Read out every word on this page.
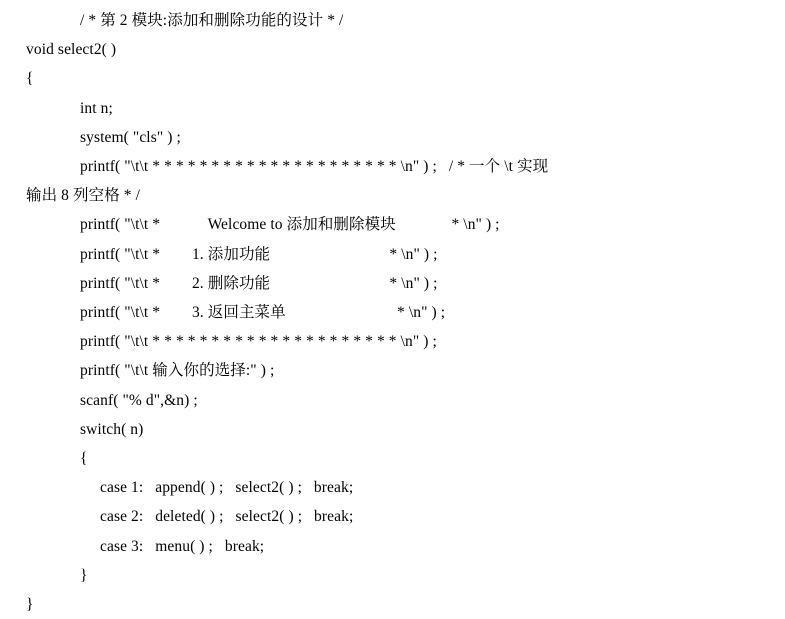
/ * 第 2 模块:添加和删除功能的设计 * /
void select2( )
{
int n;
system( "cls" ) ;
printf( "\t\t * * * * * * * * * * * * * * * * * * * * * \n" ) ;   / * 一个 \t 实现
输出 8 列空格 * /
printf( "\t\t *            Welcome to 添加和删除模块              * \n" ) ;
printf( "\t\t *        1. 添加功能                              * \n" ) ;
printf( "\t\t *        2. 删除功能                              * \n" ) ;
printf( "\t\t *        3. 返回主菜单                            * \n" ) ;
printf( "\t\t * * * * * * * * * * * * * * * * * * * * * \n" ) ;
printf( "\t\t 输入你的选择:" ) ;
scanf( "% d",&n) ;
switch( n)
{
case 1:   append( ) ;   select2( ) ;   break;
case 2:   deleted( ) ;   select2( ) ;   break;
case 3:   menu( ) ;   break;
}
}
